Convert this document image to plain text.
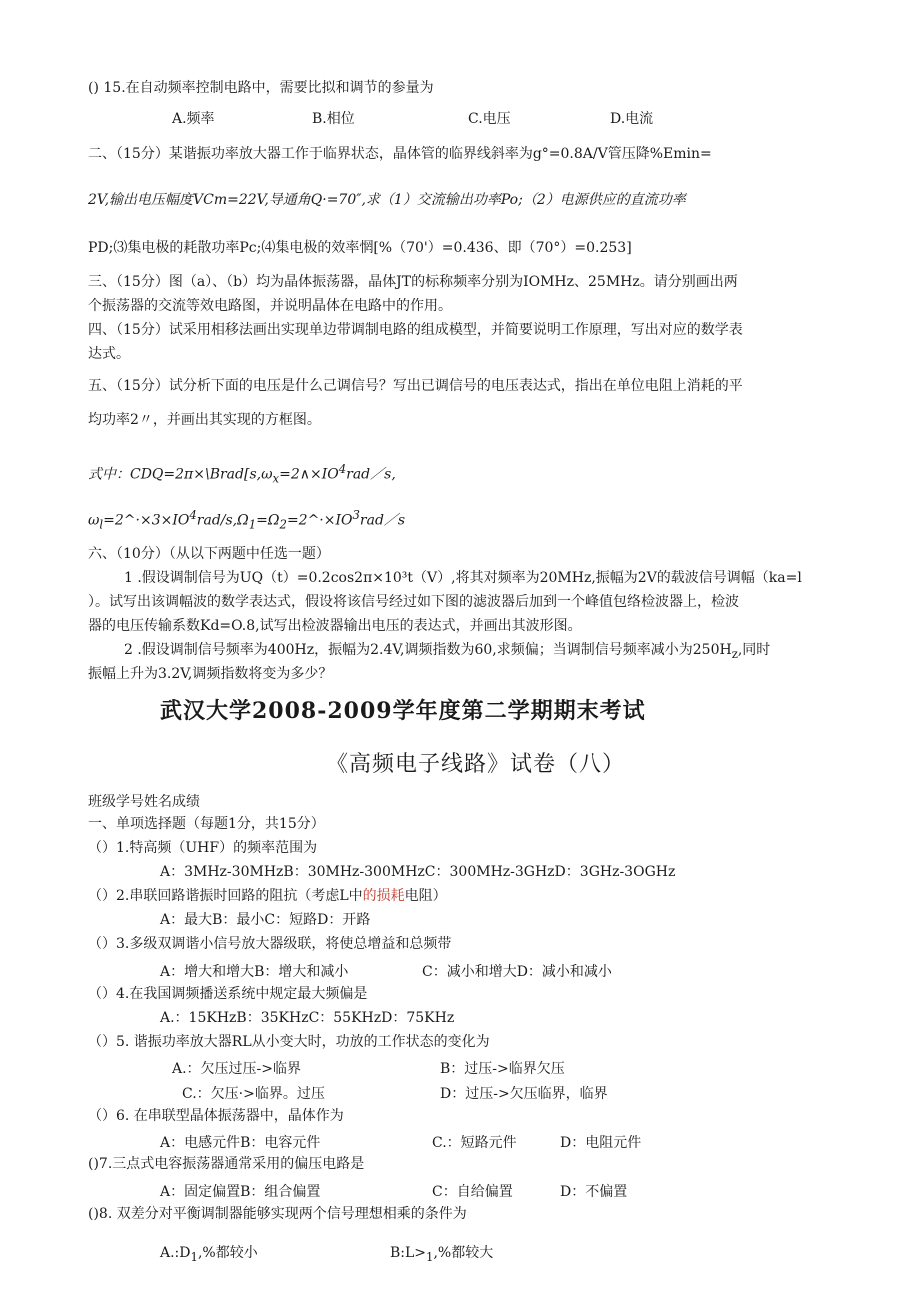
() 15.在自动频率控制电路中，需要比拟和调节的参量为
A.频率	B.相位	C.电压	D.电流
二、（15分）某谐振功率放大器工作于临界状态，晶体管的临界线斜率为g°=0.8A/V管压降%Emin=
2V,输出电压幅度VCm=22V,导通角Q·=70″,求（1）交流输出功率Po;（2）电源供应的直流功率
PD;⑶集电极的耗散功率Pc;⑷集电极的效率惘[%（70'）=0.436、即（70°）=0.253]
三、（15分）图（a）、（b）均为晶体振荡器，晶体JT的标称频率分别为IOMHz、25MHz。请分别画出两
个振荡器的交流等效电路图，并说明晶体在电路中的作用。
四、（15分）试采用相移法画出实现单边带调制电路的组成模型，并简要说明工作原理，写出对应的数学表
达式。
五、（15分）试分析下面的电压是什么己调信号？写出已调信号的电压表达式，指出在单位电阻上消耗的平
均功率2〃，并画出其实现的方框图。
式中：$CDQ=2\pi\times\backslash Brad[s,\omega_x=2\wedge\times IO^4rad/s$,
$\omega_l=2\^{}\cdot\times 3\times IO^4rad/s,\Omega_1=\Omega_2=2\^{}\cdot\times IO^3rad/s$
六、（10分）（从以下两题中任选一题）
1 .假设调制信号为UQ（t）=0.2cos2π×10³t（V）,将其对频率为20MHz,振幅为2V的载波信号调幅（ka=l
）。试写出该调幅波的数学表达式，假设将该信号经过如下图的滤波器后加到一个峰值包络检波器上，检波
器的电压传输系数Kd=O.8,试写出检波器输出电压的表达式，并画出其波形图。
2 .假设调制信号频率为400Hz，振幅为2.4V,调频指数为60,求频偏；当调制信号频率减小为$250H_z$,同时
振幅上升为3.2V,调频指数将变为多少？
武汉大学2008-2009学年度第二学期期末考试
《高频电子线路》试卷（八）
班级学号姓名成绩
一、单项选择题（每题1分，共15分）
（）1.特高频（UHF）的频率范围为
A：3MHz-30MHzB：30MHz-300MHzC：300MHz-3GHzD：3GHz-3OGHz
（）2.串联回路谐振时回路的阻抗（考虑L中的损耗电阻）
A：最大B：最小C：短路D：开路
（）3.多级双调谐小信号放大器级联，将使总增益和总频带
A：增大和增大B：增大和减小	C：减小和增大D：减小和减小
（）4.在我国调频播送系统中规定最大频偏是
A.：15KHzB：35KHzC：55KHzD：75KHz
（）5. 谐振功率放大器RL从小变大时，功放的工作状态的变化为
A.：欠压过压->临界	B：过压->临界欠压
C.：欠压·>临界。过压	D：过压->欠压临界，临界
（）6. 在串联型晶体振荡器中，晶体作为
A：电感元件B：电容元件	C.：短路元件	D：电阻元件
()7.三点式电容振荡器通常采用的偏压电路是
A：固定偏置B：组合偏置	C：自给偏置	D：不偏置
()8. 双差分对平衡调制器能够实现两个信号理想相乘的条件为
$A.:D_1,\%$都较小	$B:L>_1,\%$都较大
